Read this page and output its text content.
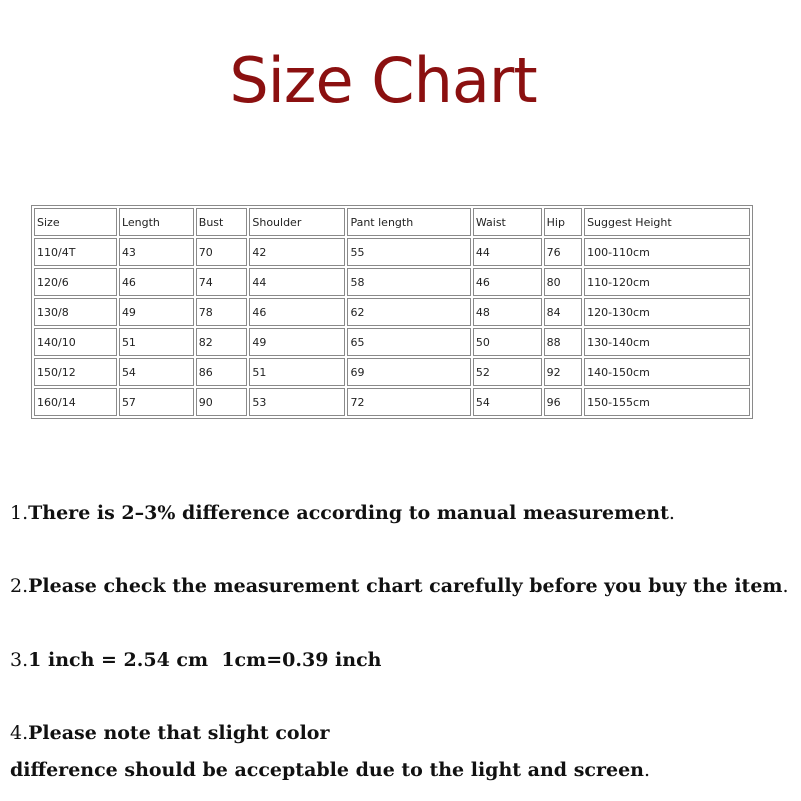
Size Chart
Size	Length	Bust	Shoulder	Pant length	Waist	Hip	Suggest Height
110/4T	43	70	42	55	44	76	100-110cm
120/6	46	74	44	58	46	80	110-120cm
130/8	49	78	46	62	48	84	120-130cm
140/10	51	82	49	65	50	88	130-140cm
150/12	54	86	51	69	52	92	140-150cm
160/14	57	90	53	72	54	96	150-155cm
1.There is 2–3% difference according to manual measurement.
2.Please check the measurement chart carefully before you buy the item.
3.1 inch = 2.54 cm  1cm=0.39 inch
4.Please note that slight color
difference should be acceptable due to the light and screen.
